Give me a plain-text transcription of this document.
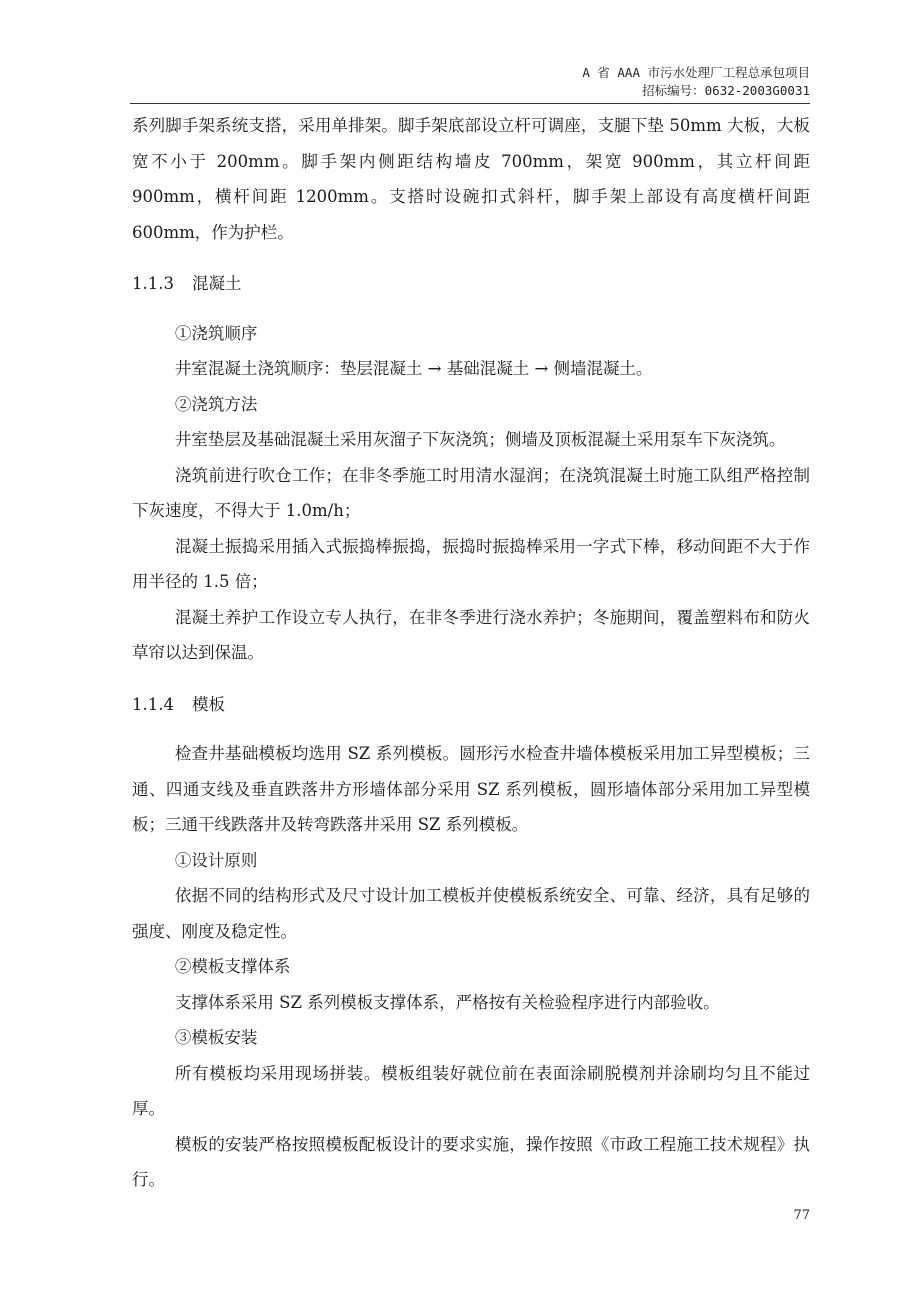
A 省 AAA 市污水处理厂工程总承包项目
招标编号：0632-2003G0031

系列脚手架系统支搭，采用单排架。脚手架底部设立杆可调座，支腿下垫 50mm 大板，大板宽不小于 200mm。脚手架内侧距结构墙皮 700mm，架宽 900mm，其立杆间距 900mm，横杆间距 1200mm。支搭时设碗扣式斜杆，脚手架上部设有高度横杆间距 600mm，作为护栏。

1.1.3 混凝土

①浇筑顺序

井室混凝土浇筑顺序：垫层混凝土 → 基础混凝土 → 侧墙混凝土。

②浇筑方法

井室垫层及基础混凝土采用灰溜子下灰浇筑；侧墙及顶板混凝土采用泵车下灰浇筑。

浇筑前进行吹仓工作；在非冬季施工时用清水湿润；在浇筑混凝土时施工队组严格控制下灰速度，不得大于 1.0m/h；

混凝土振捣采用插入式振捣棒振捣，振捣时振捣棒采用一字式下棒，移动间距不大于作用半径的 1.5 倍；

混凝土养护工作设立专人执行，在非冬季进行浇水养护；冬施期间，覆盖塑料布和防火草帘以达到保温。

1.1.4 模板

检查井基础模板均选用 SZ 系列模板。圆形污水检查井墙体模板采用加工异型模板；三通、四通支线及垂直跌落井方形墙体部分采用 SZ 系列模板，圆形墙体部分采用加工异型模板；三通干线跌落井及转弯跌落井采用 SZ 系列模板。

①设计原则

依据不同的结构形式及尺寸设计加工模板并使模板系统安全、可靠、经济，具有足够的强度、刚度及稳定性。

②模板支撑体系

支撑体系采用 SZ 系列模板支撑体系，严格按有关检验程序进行内部验收。

③模板安装

所有模板均采用现场拼装。模板组装好就位前在表面涂刷脱模剂并涂刷均匀且不能过厚。

模板的安装严格按照模板配板设计的要求实施，操作按照《市政工程施工技术规程》执行。

77
